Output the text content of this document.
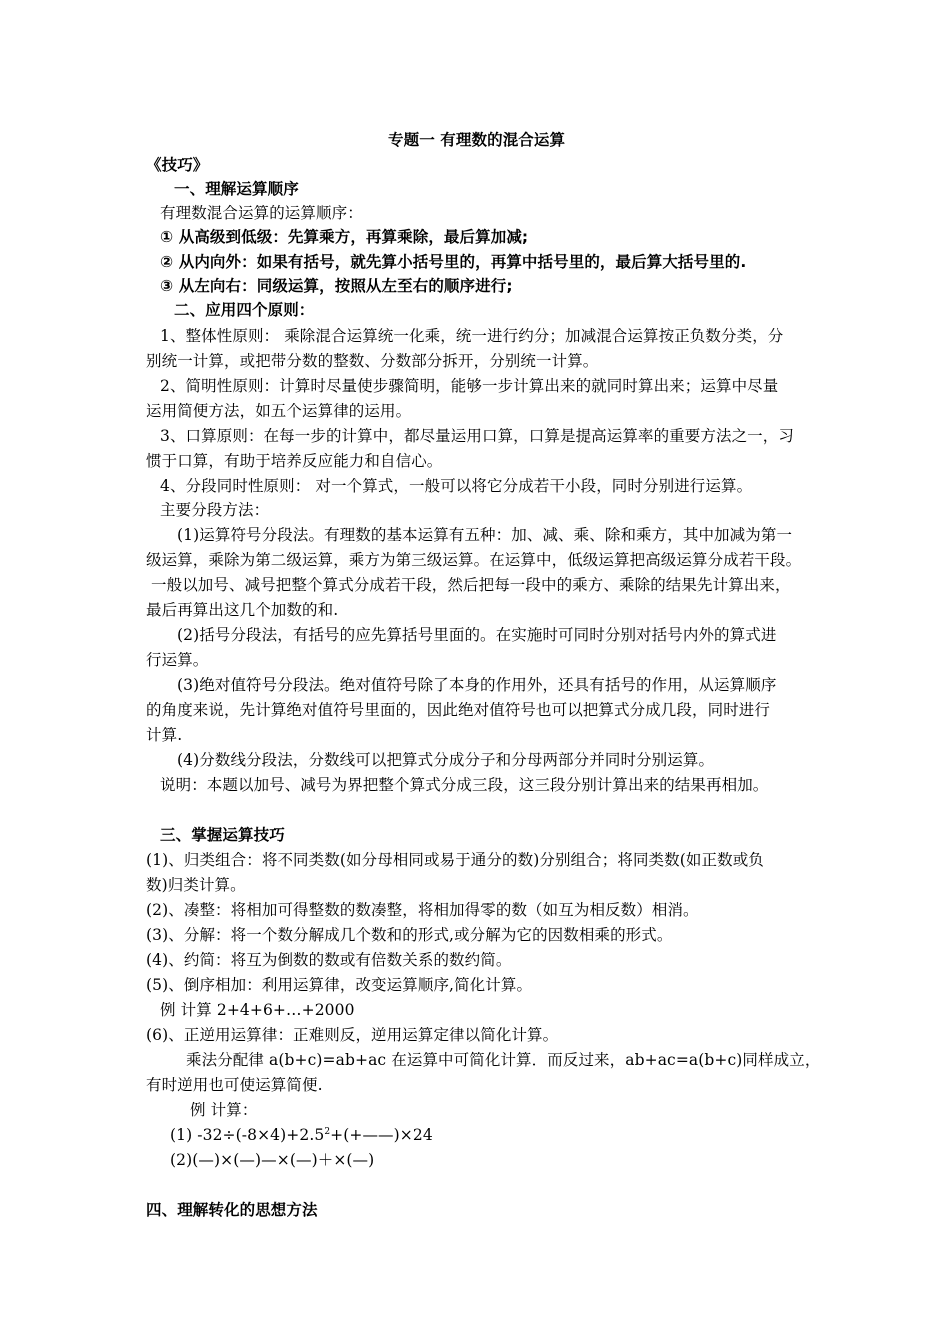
专题一 有理数的混合运算
《技巧》
一、理解运算顺序
有理数混合运算的运算顺序：
① 从高级到低级：先算乘方，再算乘除，最后算加减;
② 从内向外：如果有括号，就先算小括号里的，再算中括号里的，最后算大括号里的.
③ 从左向右：同级运算，按照从左至右的顺序进行;
二、应用四个原则：
1、整体性原则： 乘除混合运算统一化乘，统一进行约分；加减混合运算按正负数分类，分
别统一计算，或把带分数的整数、分数部分拆开，分别统一计算。
2、简明性原则：计算时尽量使步骤简明，能够一步计算出来的就同时算出来；运算中尽量
运用简便方法，如五个运算律的运用。
3、口算原则：在每一步的计算中，都尽量运用口算，口算是提高运算率的重要方法之一，习
惯于口算，有助于培养反应能力和自信心。
4、分段同时性原则： 对一个算式，一般可以将它分成若干小段，同时分别进行运算。
主要分段方法：
(1)运算符号分段法。有理数的基本运算有五种：加、减、乘、除和乘方，其中加减为第一
级运算，乘除为第二级运算，乘方为第三级运算。在运算中，低级运算把高级运算分成若干段。
一般以加号、减号把整个算式分成若干段，然后把每一段中的乘方、乘除的结果先计算出来，
最后再算出这几个加数的和.
(2)括号分段法，有括号的应先算括号里面的。在实施时可同时分别对括号内外的算式进
行运算。
(3)绝对值符号分段法。绝对值符号除了本身的作用外，还具有括号的作用，从运算顺序
的角度来说，先计算绝对值符号里面的，因此绝对值符号也可以把算式分成几段，同时进行
计算.
(4)分数线分段法，分数线可以把算式分成分子和分母两部分并同时分别运算。
说明：本题以加号、减号为界把整个算式分成三段，这三段分别计算出来的结果再相加。
三、掌握运算技巧
(1)、归类组合：将不同类数(如分母相同或易于通分的数)分别组合；将同类数(如正数或负
数)归类计算。
(2)、凑整：将相加可得整数的数凑整，将相加得零的数（如互为相反数）相消。
(3)、分解：将一个数分解成几个数和的形式,或分解为它的因数相乘的形式。
(4)、约简：将互为倒数的数或有倍数关系的数约简。
(5)、倒序相加：利用运算律，改变运算顺序,简化计算。
例 计算 2+4+6+…+2000
(6)、正逆用运算律：正难则反，逆用运算定律以简化计算。
乘法分配律 a(b+c)=ab+ac 在运算中可简化计算．而反过来，ab+ac=a(b+c)同样成立，
有时逆用也可使运算简便.
例 计算：
(1) $-32\div(-8\times 4)+2.5^2+(+——)\times 24$
(2)(—)×(—)—×(—)＋×(—)
四、理解转化的思想方法
